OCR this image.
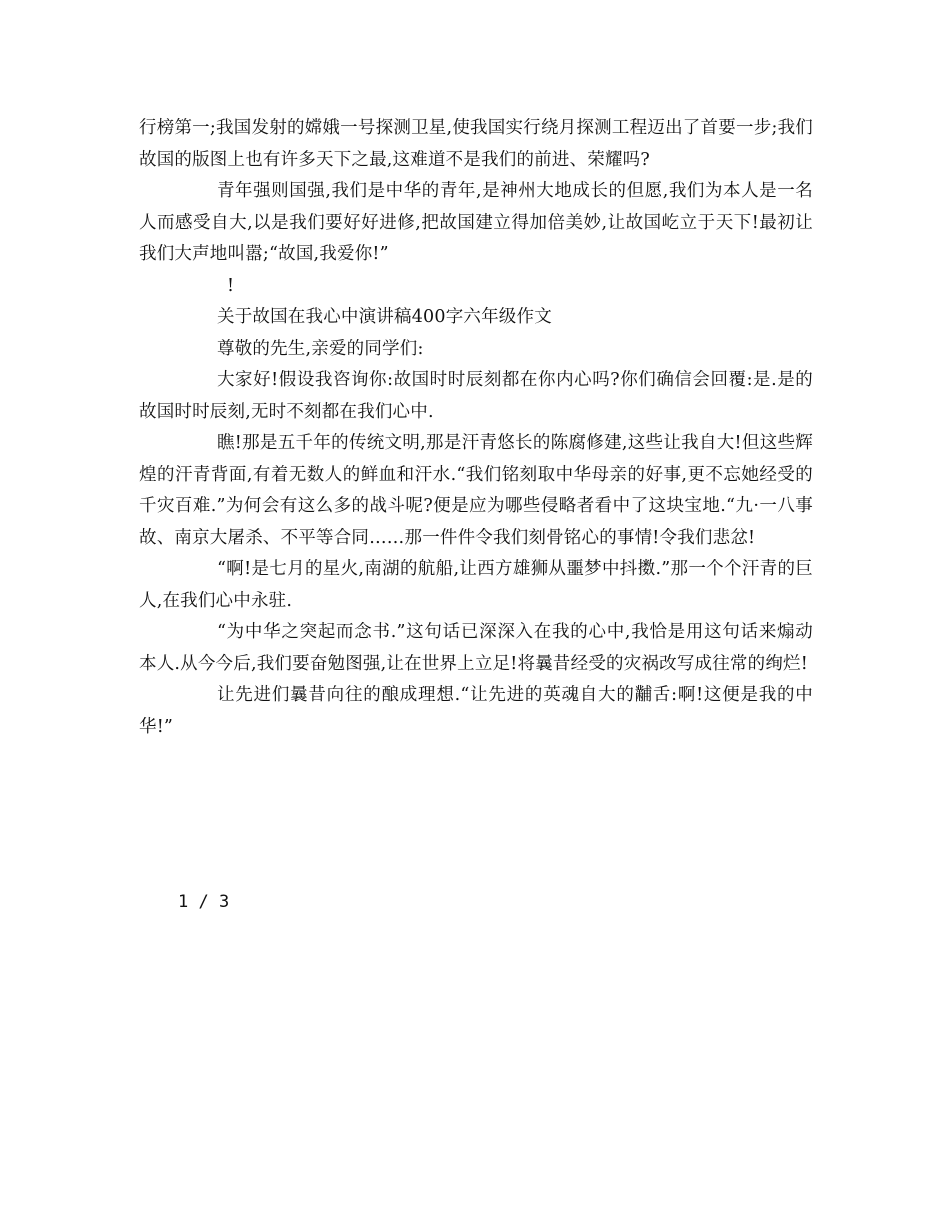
行榜第一;我国发射的嫦娥一号探测卫星,使我国实行绕月探测工程迈出了首要一步;我们故国的版图上也有许多天下之最,这难道不是我们的前进、荣耀吗?

青年强则国强,我们是中华的青年,是神州大地成长的但愿,我们为本人是一名人而感受自大,以是我们要好好进修,把故国建立得加倍美妙,让故国屹立于天下!最初让我们大声地叫嚣;“故国,我爱你!”

!

关于故国在我心中演讲稿400字六年级作文

尊敬的先生,亲爱的同学们:

大家好!假设我咨询你:故国时时辰刻都在你内心吗?你们确信会回覆:是.是的故国时时辰刻,无时不刻都在我们心中.

瞧!那是五千年的传统文明,那是汗青悠长的陈腐修建,这些让我自大!但这些辉煌的汗青背面,有着无数人的鲜血和汗水.“我们铭刻取中华母亲的好事,更不忘她经受的千灾百难.”为何会有这么多的战斗呢?便是应为哪些侵略者看中了这块宝地.“九·一八事故、南京大屠杀、不平等合同……那一件件令我们刻骨铭心的事情!令我们悲忿!

“啊!是七月的星火,南湖的航船,让西方雄狮从噩梦中抖擞.”那一个个汗青的巨人,在我们心中永驻.

“为中华之突起而念书.”这句话已深深入在我的心中,我恰是用这句话来煽动本人.从今今后,我们要奋勉图强,让在世界上立足!将曩昔经受的灾祸改写成往常的绚烂!

让先进们曩昔向往的酿成理想.“让先进的英魂自大的黼舌:啊!这便是我的中华!”

1 / 3
